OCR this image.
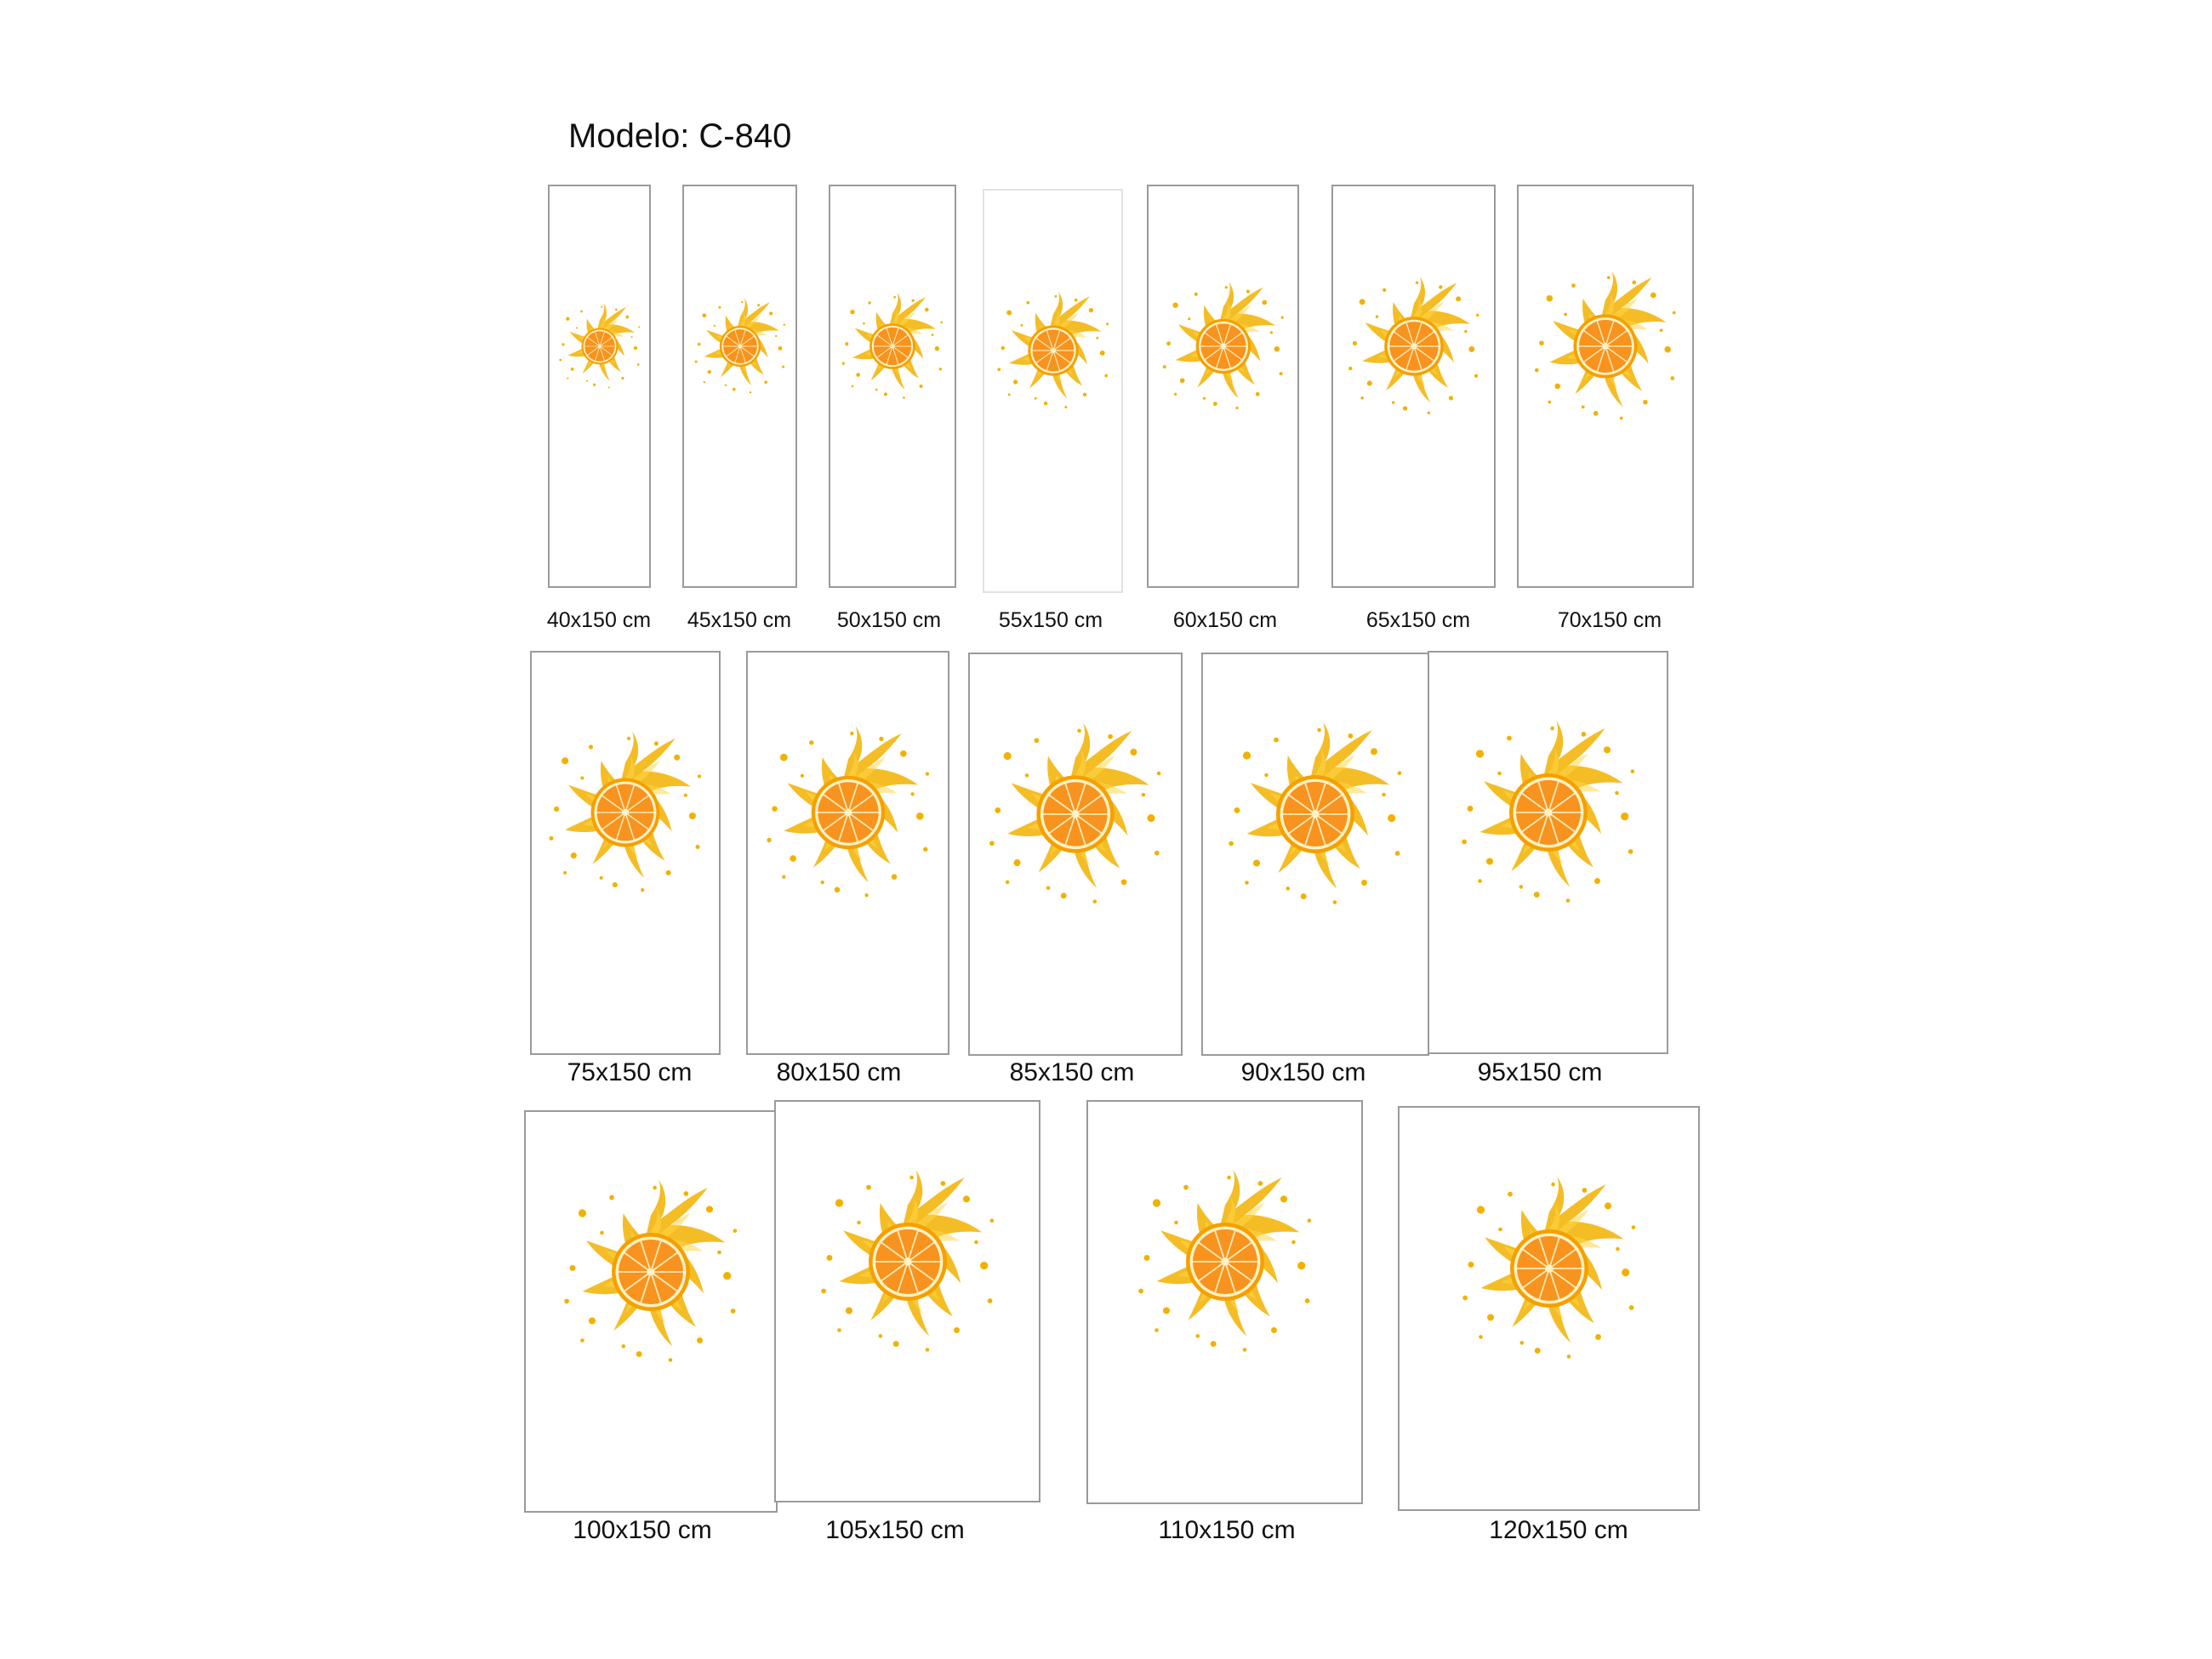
Modelo: C-840
40x150 cm	45x150 cm	50x150 cm	55x150 cm	60x150 cm	65x150 cm	70x150 cm
75x150 cm	80x150 cm	85x150 cm	90x150 cm	95x150 cm
100x150 cm	105x150 cm	110x150 cm	120x150 cm
